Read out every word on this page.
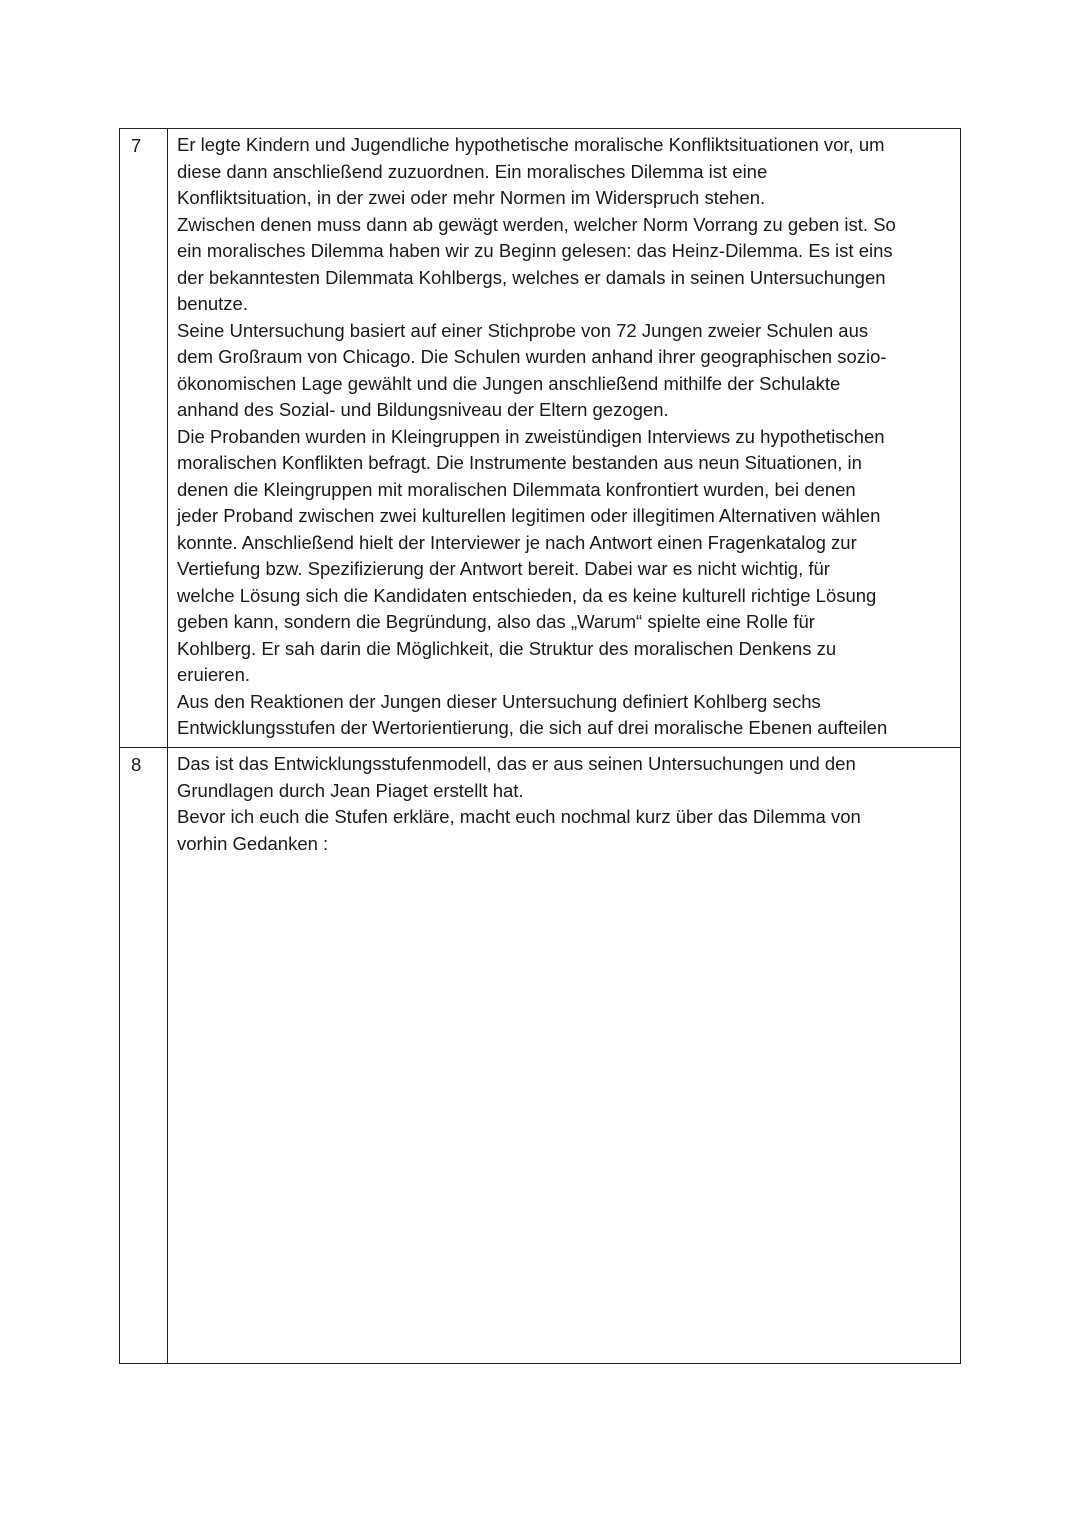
7	Er legte Kindern und Jugendliche hypothetische moralische Konfliktsituationen vor, um

diese dann anschließend zuzuordnen. Ein moralisches Dilemma ist eine

Konfliktsituation, in der zwei oder mehr Normen im Widerspruch stehen.

Zwischen denen muss dann ab gewägt werden, welcher Norm Vorrang zu geben ist. So

ein moralisches Dilemma haben wir zu Beginn gelesen: das Heinz-Dilemma. Es ist eins

der bekanntesten Dilemmata Kohlbergs, welches er damals in seinen Untersuchungen

benutze.

Seine Untersuchung basiert auf einer Stichprobe von 72 Jungen zweier Schulen aus

dem Großraum von Chicago. Die Schulen wurden anhand ihrer geographischen sozio-

ökonomischen Lage gewählt und die Jungen anschließend mithilfe der Schulakte

anhand des Sozial- und Bildungsniveau der Eltern gezogen.

Die Probanden wurden in Kleingruppen in zweistündigen Interviews zu hypothetischen

moralischen Konflikten befragt. Die Instrumente bestanden aus neun Situationen, in

denen die Kleingruppen mit moralischen Dilemmata konfrontiert wurden, bei denen

jeder Proband zwischen zwei kulturellen legitimen oder illegitimen Alternativen wählen

konnte. Anschließend hielt der Interviewer je nach Antwort einen Fragenkatalog zur

Vertiefung bzw. Spezifizierung der Antwort bereit. Dabei war es nicht wichtig, für

welche Lösung sich die Kandidaten entschieden, da es keine kulturell richtige Lösung

geben kann, sondern die Begründung, also das „Warum“ spielte eine Rolle für

Kohlberg. Er sah darin die Möglichkeit, die Struktur des moralischen Denkens zu

eruieren.

Aus den Reaktionen der Jungen dieser Untersuchung definiert Kohlberg sechs

Entwicklungsstufen der Wertorientierung, die sich auf drei moralische Ebenen aufteilen

8	Das ist das Entwicklungsstufenmodell, das er aus seinen Untersuchungen und den

Grundlagen durch Jean Piaget erstellt hat.

Bevor ich euch die Stufen erkläre, macht euch nochmal kurz über das Dilemma von

vorhin Gedanken :
